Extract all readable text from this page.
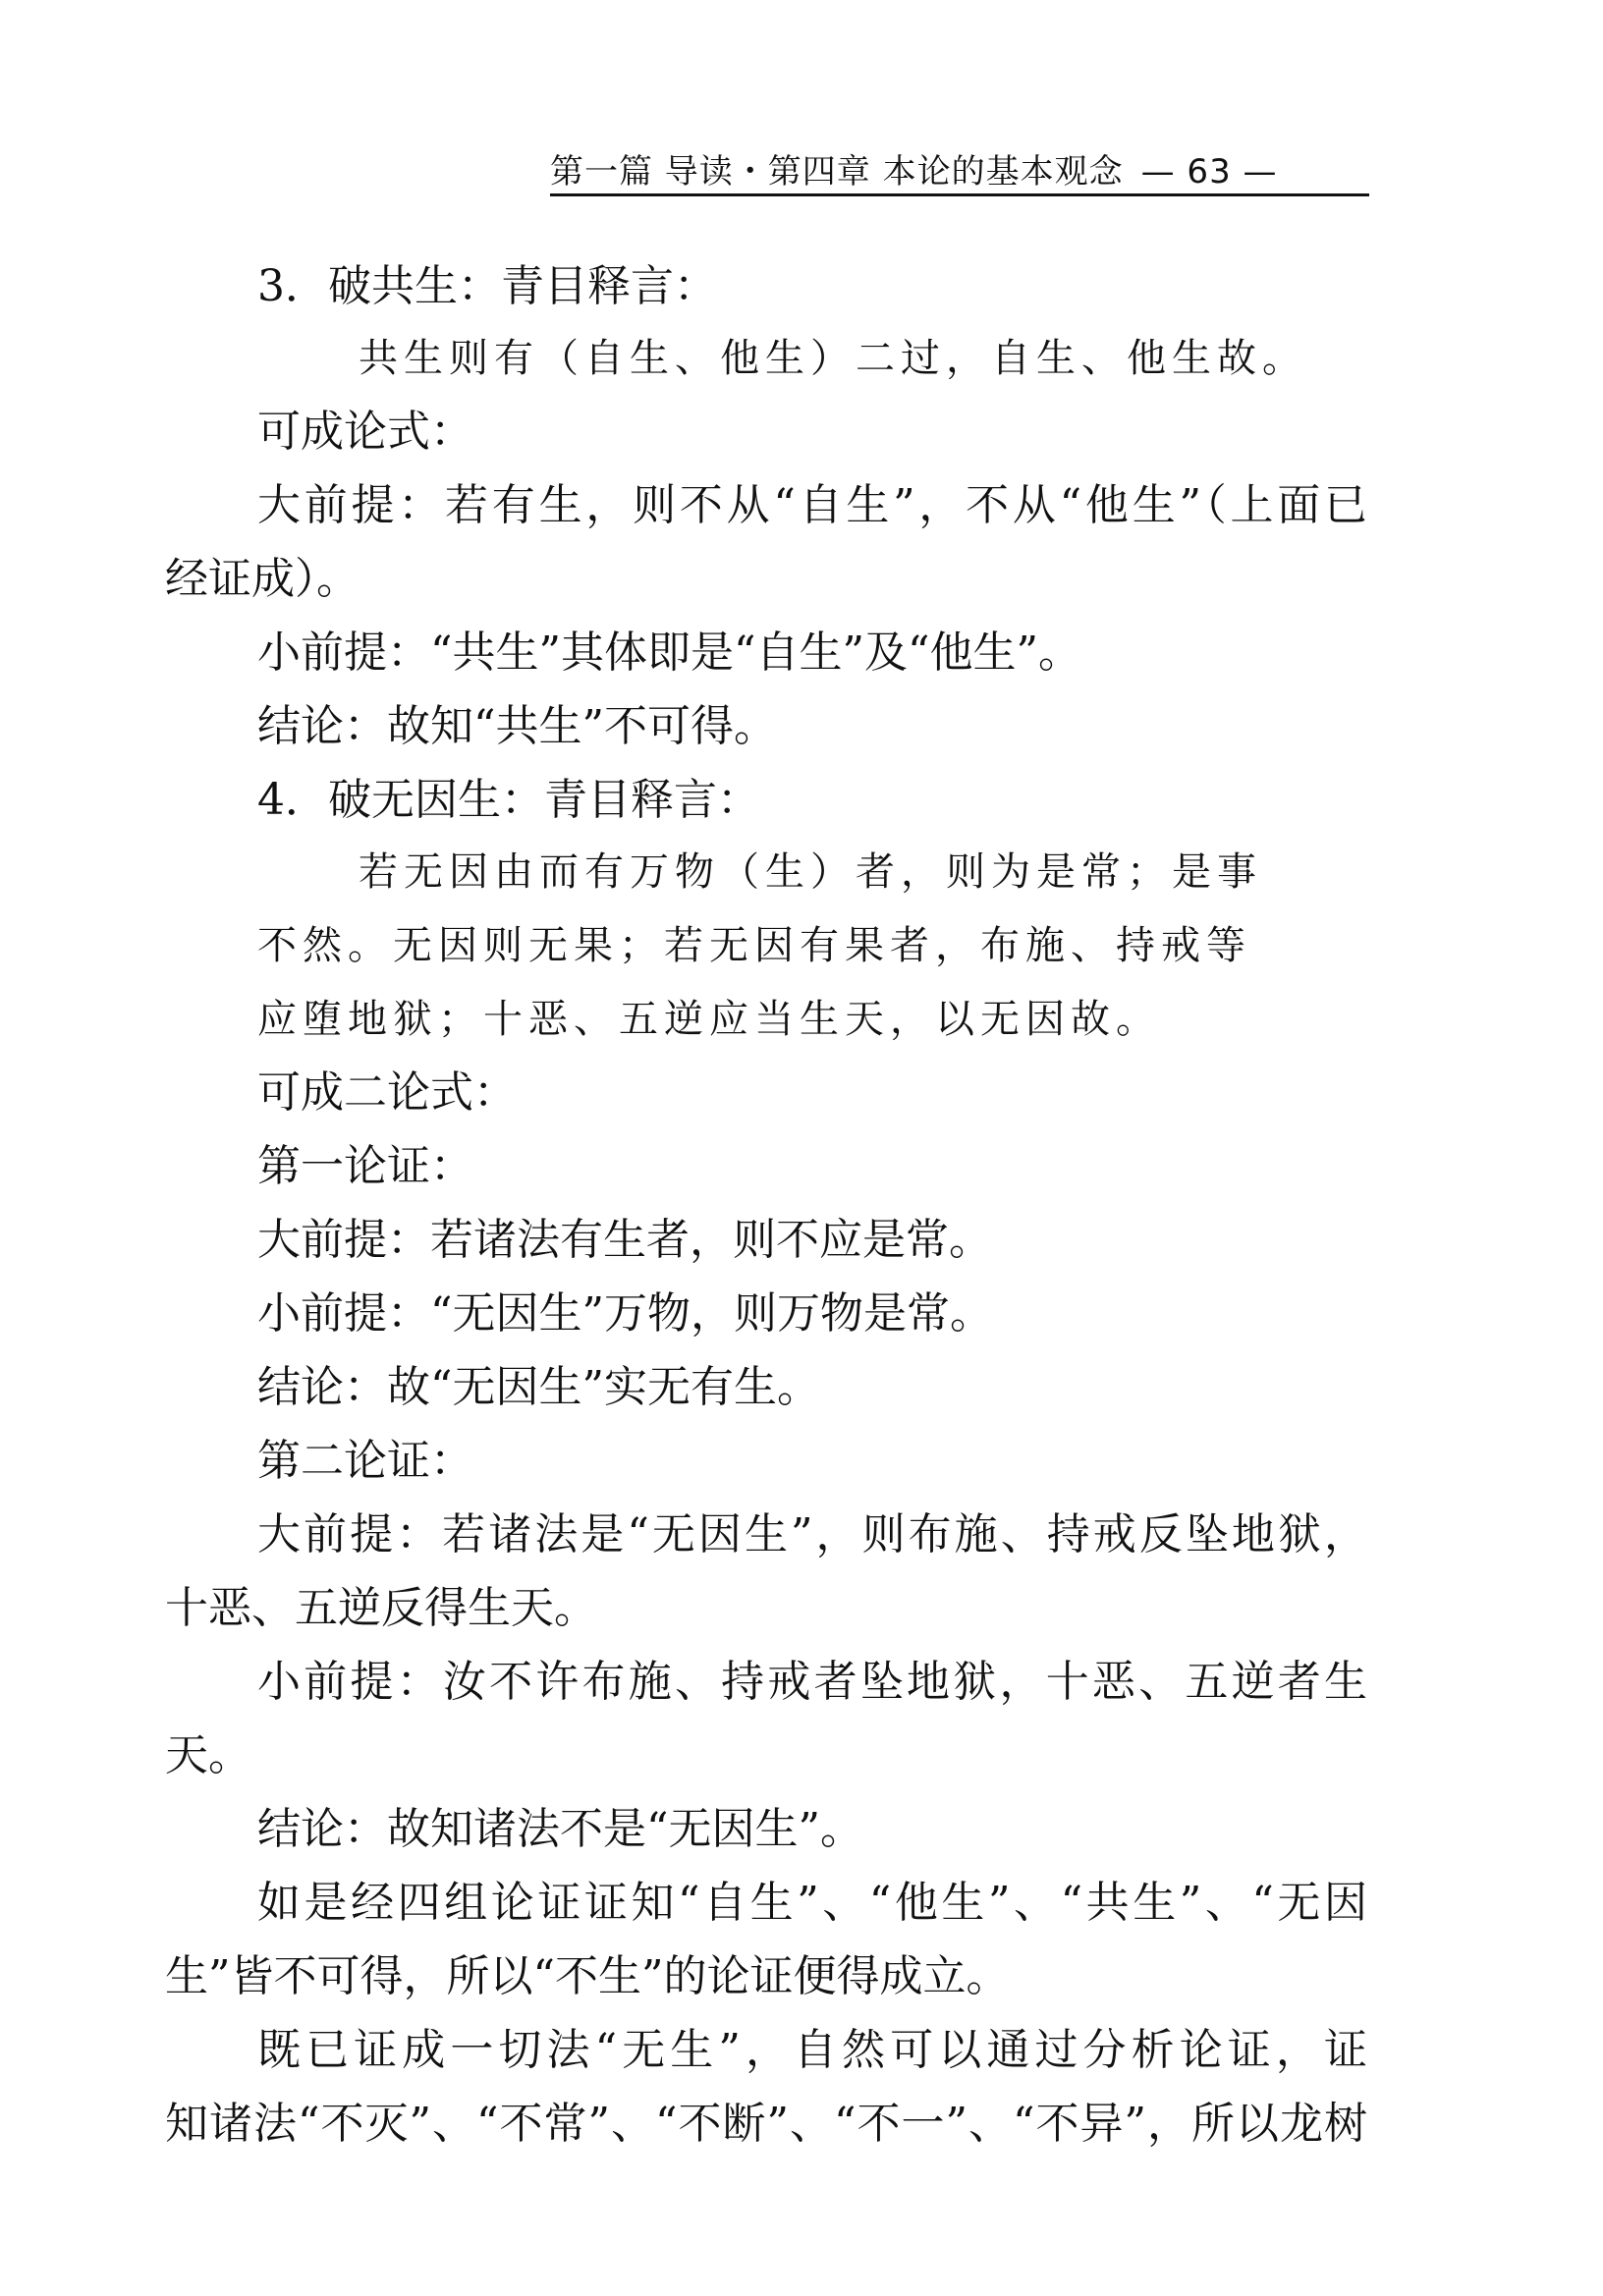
第一篇 导读・第四章 本论的基本观念 — 63 —
3．破共生：青目释言：
共生则有（自生、他生）二过，自生、他生故。
可成论式：
大前提：若有生，则不从“自生”，不从“他生”（上面已
经证成）。
小前提：“共生”其体即是“自生”及“他生”。
结论：故知“共生”不可得。
4．破无因生：青目释言：
若无因由而有万物（生）者，则为是常；是事
不然。无因则无果；若无因有果者，布施、持戒等
应堕地狱；十恶、五逆应当生天，以无因故。
可成二论式：
第一论证：
大前提：若诸法有生者，则不应是常。
小前提：“无因生”万物，则万物是常。
结论：故“无因生”实无有生。
第二论证：
大前提：若诸法是“无因生”，则布施、持戒反坠地狱，
十恶、五逆反得生天。
小前提：汝不许布施、持戒者坠地狱，十恶、五逆者生
天。
结论：故知诸法不是“无因生”。
如是经四组论证证知“自生”、“他生”、“共生”、“无因
生”皆不可得，所以“不生”的论证便得成立。
既已证成一切法“无生”，自然可以通过分析论证，证
知诸法“不灭”、“不常”、“不断”、“不一”、“不异”，所以龙树
